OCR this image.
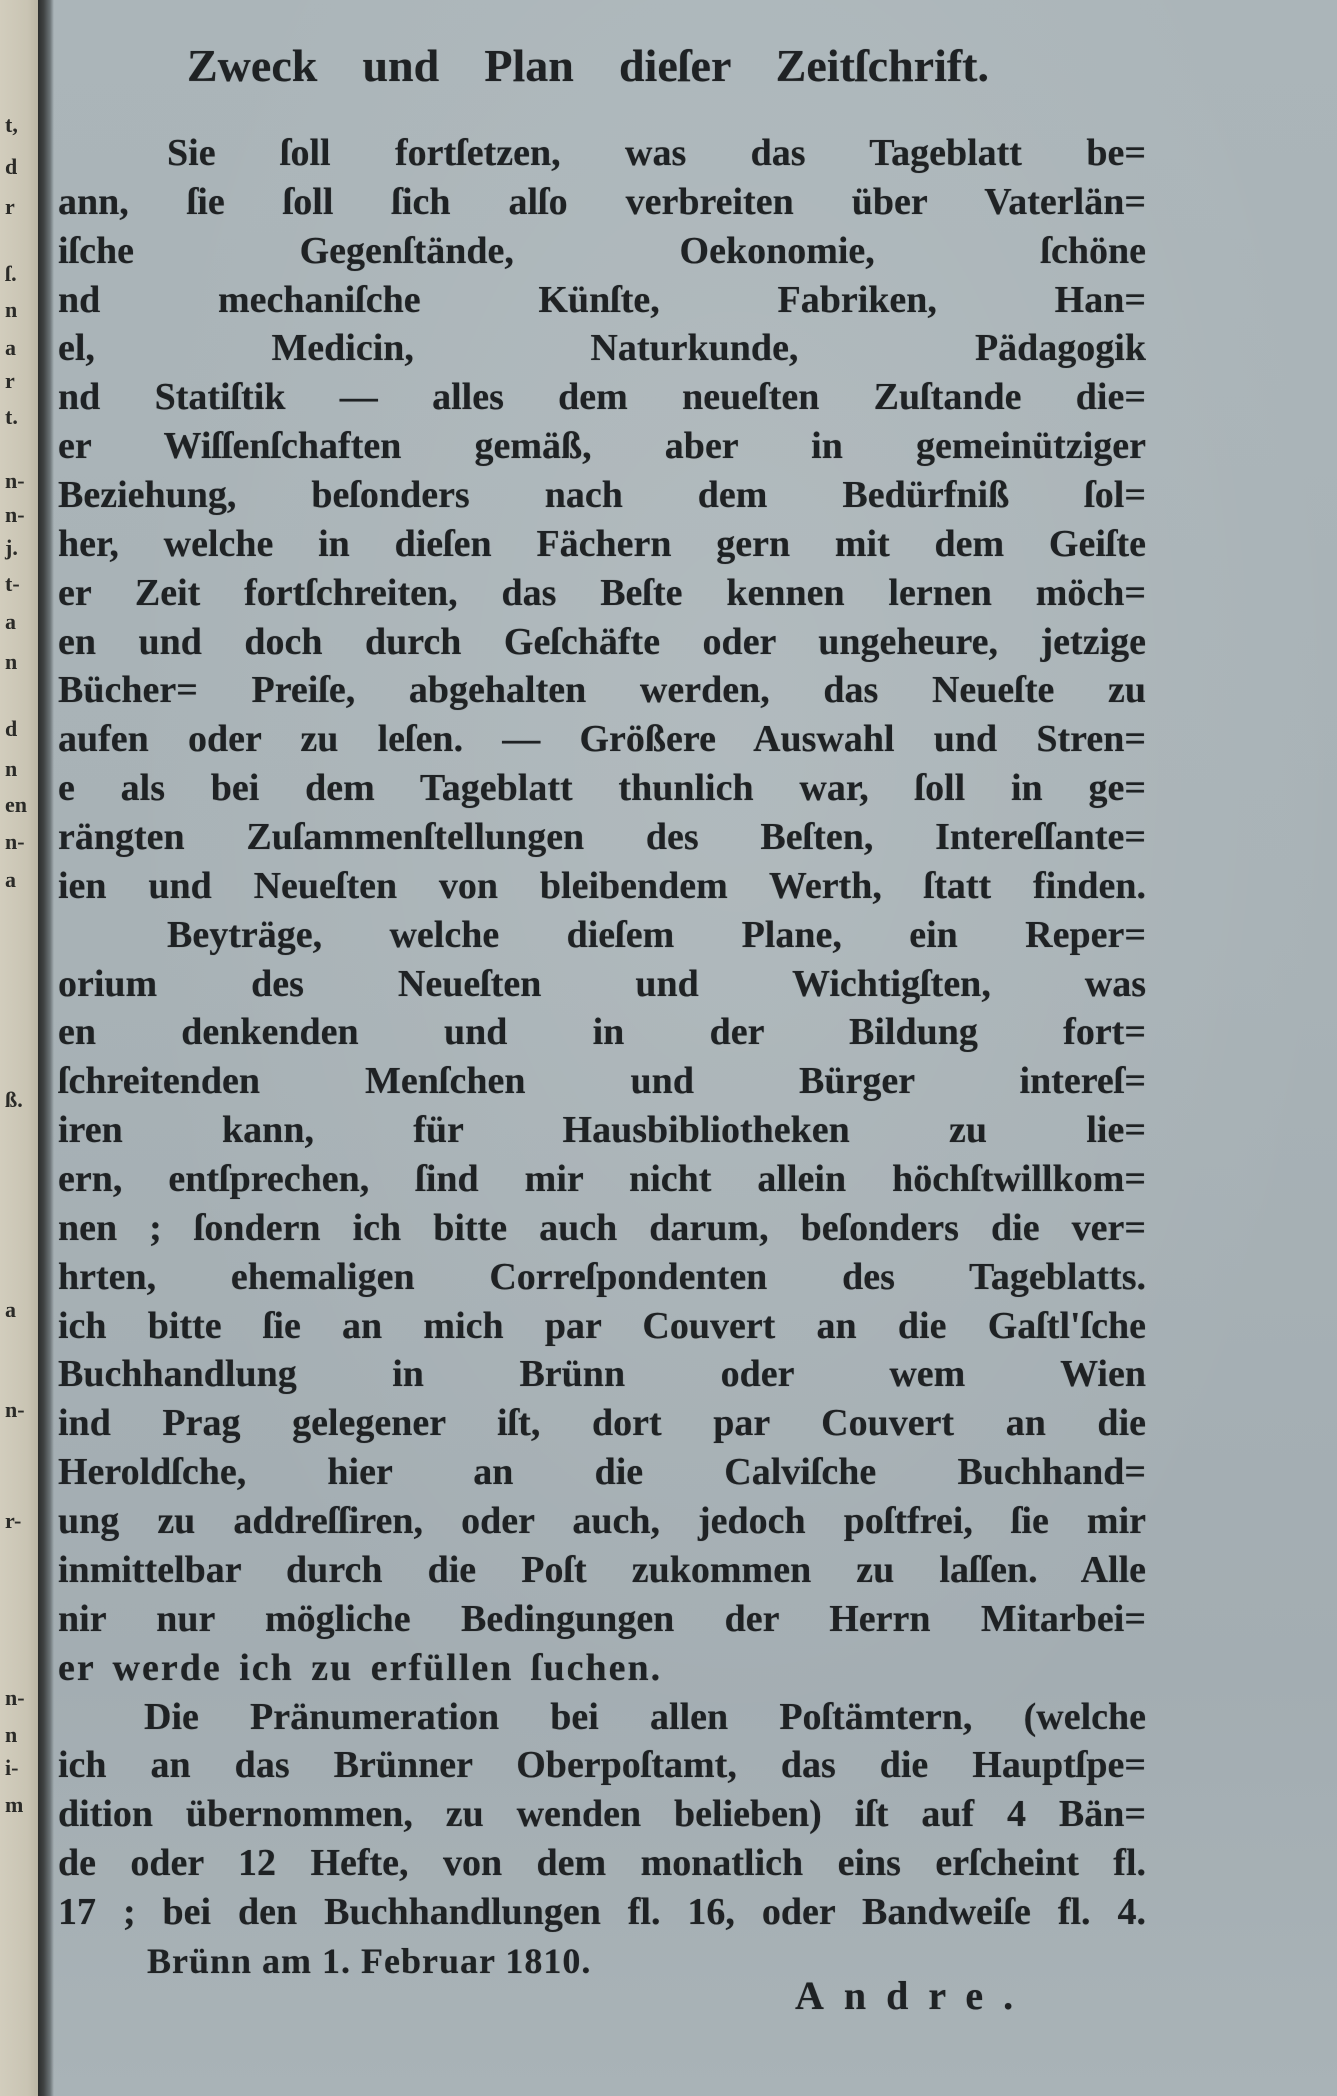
t,
d
r
ſ.
n
a
r
t.
n-
n-
j.
t-
a
n
d
n
en
n-
a
ß.
a
n-
r-
n-
n
i-
m
Zweck und Plan dieſer Zeitſchrift.
Sie ſoll fortſetzen, was das Tageblatt be=
ann, ſie ſoll ſich alſo verbreiten über Vaterlän=
iſche Gegenſtände, Oekonomie, ſchöne
nd mechaniſche Künſte, Fabriken, Han=
el, Medicin, Naturkunde, Pädagogik
nd Statiſtik — alles dem neueſten Zuſtande die=
er Wiſſenſchaften gemäß, aber in gemeinütziger
Beziehung, beſonders nach dem Bedürfniß ſol=
her, welche in dieſen Fächern gern mit dem Geiſte
er Zeit fortſchreiten, das Beſte kennen lernen möch=
en und doch durch Geſchäfte oder ungeheure, jetzige
Bücher= Preiſe, abgehalten werden, das Neueſte zu
aufen oder zu leſen. — Größere Auswahl und Stren=
e als bei dem Tageblatt thunlich war, ſoll in ge=
rängten Zuſammenſtellungen des Beſten, Intereſſante=
ien und Neueſten von bleibendem Werth, ſtatt finden.
Beyträge, welche dieſem Plane, ein Reper=
orium des Neueſten und Wichtigſten, was
en denkenden und in der Bildung fort=
ſchreitenden Menſchen und Bürger intereſ=
iren kann, für Hausbibliotheken zu lie=
ern, entſprechen, ſind mir nicht allein höchſtwillkom=
nen ; ſondern ich bitte auch darum, beſonders die ver=
hrten, ehemaligen Correſpondenten des Tageblatts.
ich bitte ſie an mich par Couvert an die Gaſtl'ſche
Buchhandlung in Brünn oder wem Wien
ind Prag gelegener iſt, dort par Couvert an die
Heroldſche, hier an die Calviſche Buchhand=
ung zu addreſſiren, oder auch, jedoch poſtfrei, ſie mir
inmittelbar durch die Poſt zukommen zu laſſen. Alle
nir nur mögliche Bedingungen der Herrn Mitarbei=
er werde ich zu erfüllen ſuchen.
Die Pränumeration bei allen Poſtämtern, (welche
ich an das Brünner Oberpoſtamt, das die Hauptſpe=
dition übernommen, zu wenden belieben) iſt auf 4 Bän=
de oder 12 Hefte, von dem monatlich eins erſcheint fl.
17 ; bei den Buchhandlungen fl. 16, oder Bandweiſe fl. 4.
Brünn am 1. Februar 1810.
Andre.
